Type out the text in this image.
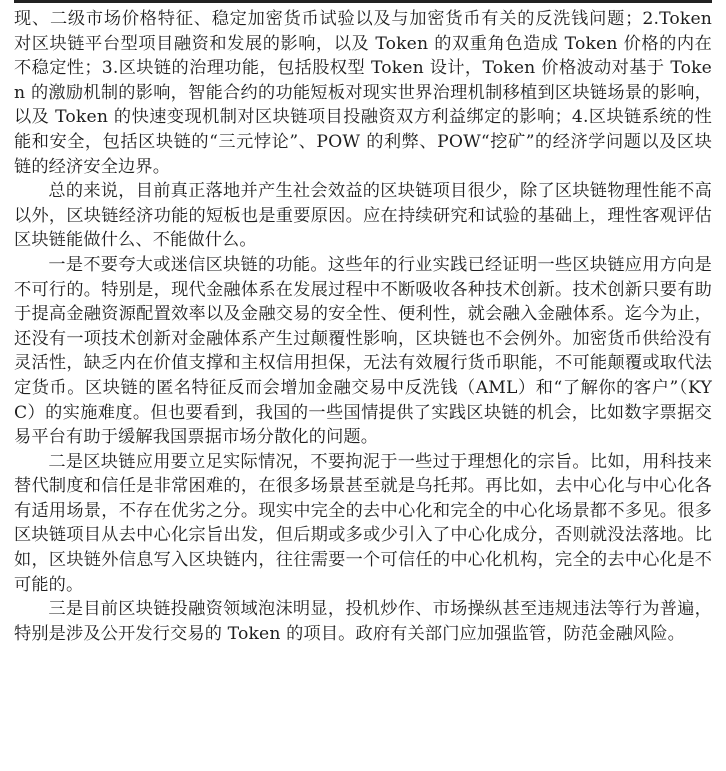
现、二级市场价格特征、稳定加密货币试验以及与加密货币有关的反洗钱问题；2.Token 对区块链平台型项目融资和发展的影响，以及 Token 的双重角色造成 Token 价格的内在不稳定性；3.区块链的治理功能，包括股权型 Token 设计，Token 价格波动对基于 Token 的激励机制的影响，智能合约的功能短板对现实世界治理机制移植到区块链场景的影响，以及 Token 的快速变现机制对区块链项目投融资双方利益绑定的影响；4.区块链系统的性能和安全，包括区块链的“三元悖论”、POW 的利弊、POW“挖矿”的经济学问题以及区块链的经济安全边界。

总的来说，目前真正落地并产生社会效益的区块链项目很少，除了区块链物理性能不高以外，区块链经济功能的短板也是重要原因。应在持续研究和试验的基础上，理性客观评估区块链能做什么、不能做什么。

一是不要夸大或迷信区块链的功能。这些年的行业实践已经证明一些区块链应用方向是不可行的。特别是，现代金融体系在发展过程中不断吸收各种技术创新。技术创新只要有助于提高金融资源配置效率以及金融交易的安全性、便利性，就会融入金融体系。迄今为止，还没有一项技术创新对金融体系产生过颠覆性影响，区块链也不会例外。加密货币供给没有灵活性，缺乏内在价值支撑和主权信用担保，无法有效履行货币职能，不可能颠覆或取代法定货币。区块链的匿名特征反而会增加金融交易中反洗钱（AML）和“了解你的客户”（KYC）的实施难度。但也要看到，我国的一些国情提供了实践区块链的机会，比如数字票据交易平台有助于缓解我国票据市场分散化的问题。

二是区块链应用要立足实际情况，不要拘泥于一些过于理想化的宗旨。比如，用科技来替代制度和信任是非常困难的，在很多场景甚至就是乌托邦。再比如，去中心化与中心化各有适用场景，不存在优劣之分。现实中完全的去中心化和完全的中心化场景都不多见。很多区块链项目从去中心化宗旨出发，但后期或多或少引入了中心化成分，否则就没法落地。比如，区块链外信息写入区块链内，往往需要一个可信任的中心化机构，完全的去中心化是不可能的。

三是目前区块链投融资领域泡沫明显，投机炒作、市场操纵甚至违规违法等行为普遍，特别是涉及公开发行交易的 Token 的项目。政府有关部门应加强监管，防范金融风险。
